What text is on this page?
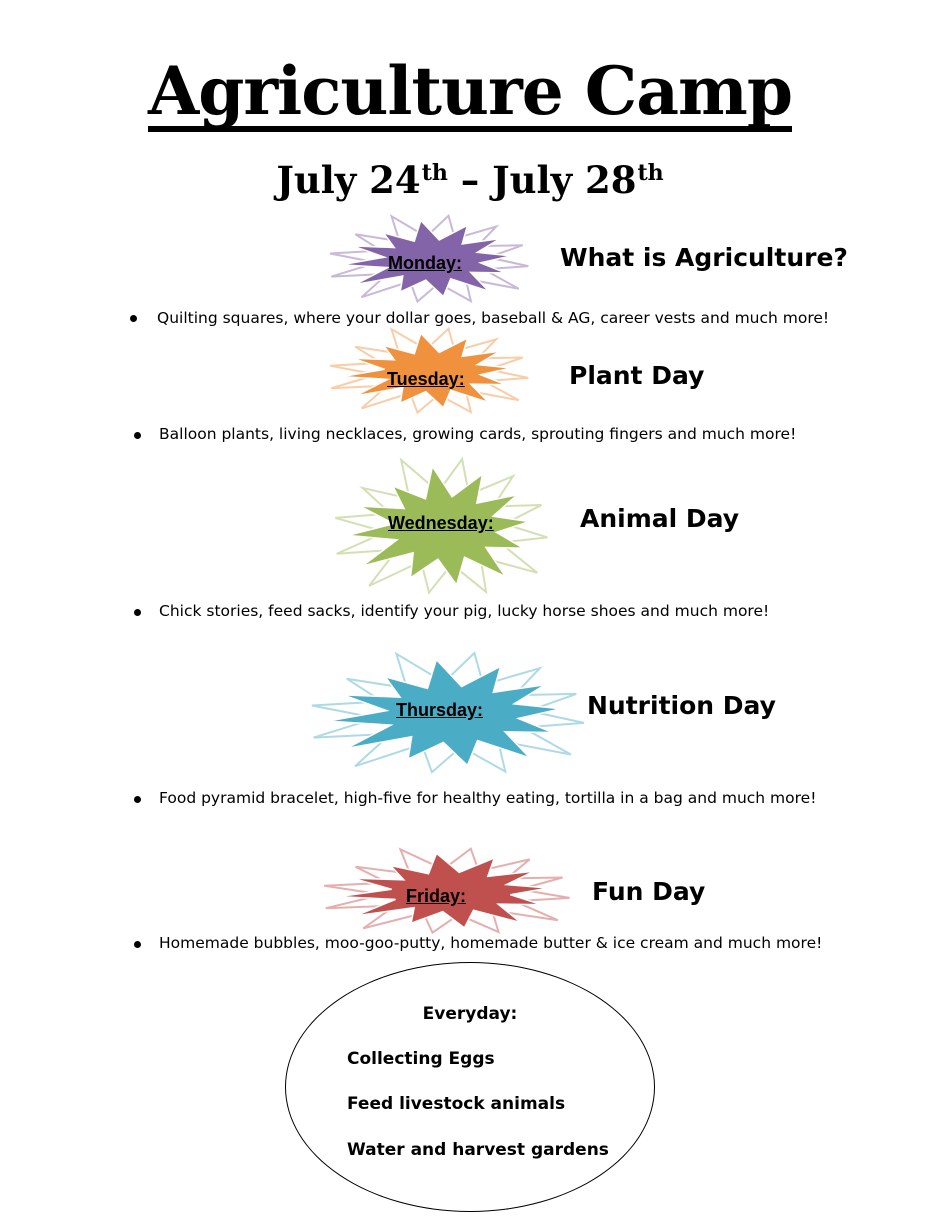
Agriculture Camp
July 24th – July 28th
Monday:	What is Agriculture?
Quilting squares, where your dollar goes, baseball & AG, career vests and much more!
Tuesday:	Plant Day
Balloon plants, living necklaces, growing cards, sprouting fingers and much more!
Wednesday:	Animal Day
Chick stories, feed sacks, identify your pig, lucky horse shoes and much more!
Thursday:	Nutrition Day
Food pyramid bracelet, high-five for healthy eating, tortilla in a bag and much more!
Friday:	Fun Day
Homemade bubbles, moo-goo-putty, homemade butter & ice cream and much more!
Everyday:
Collecting Eggs
Feed livestock animals
Water and harvest gardens
